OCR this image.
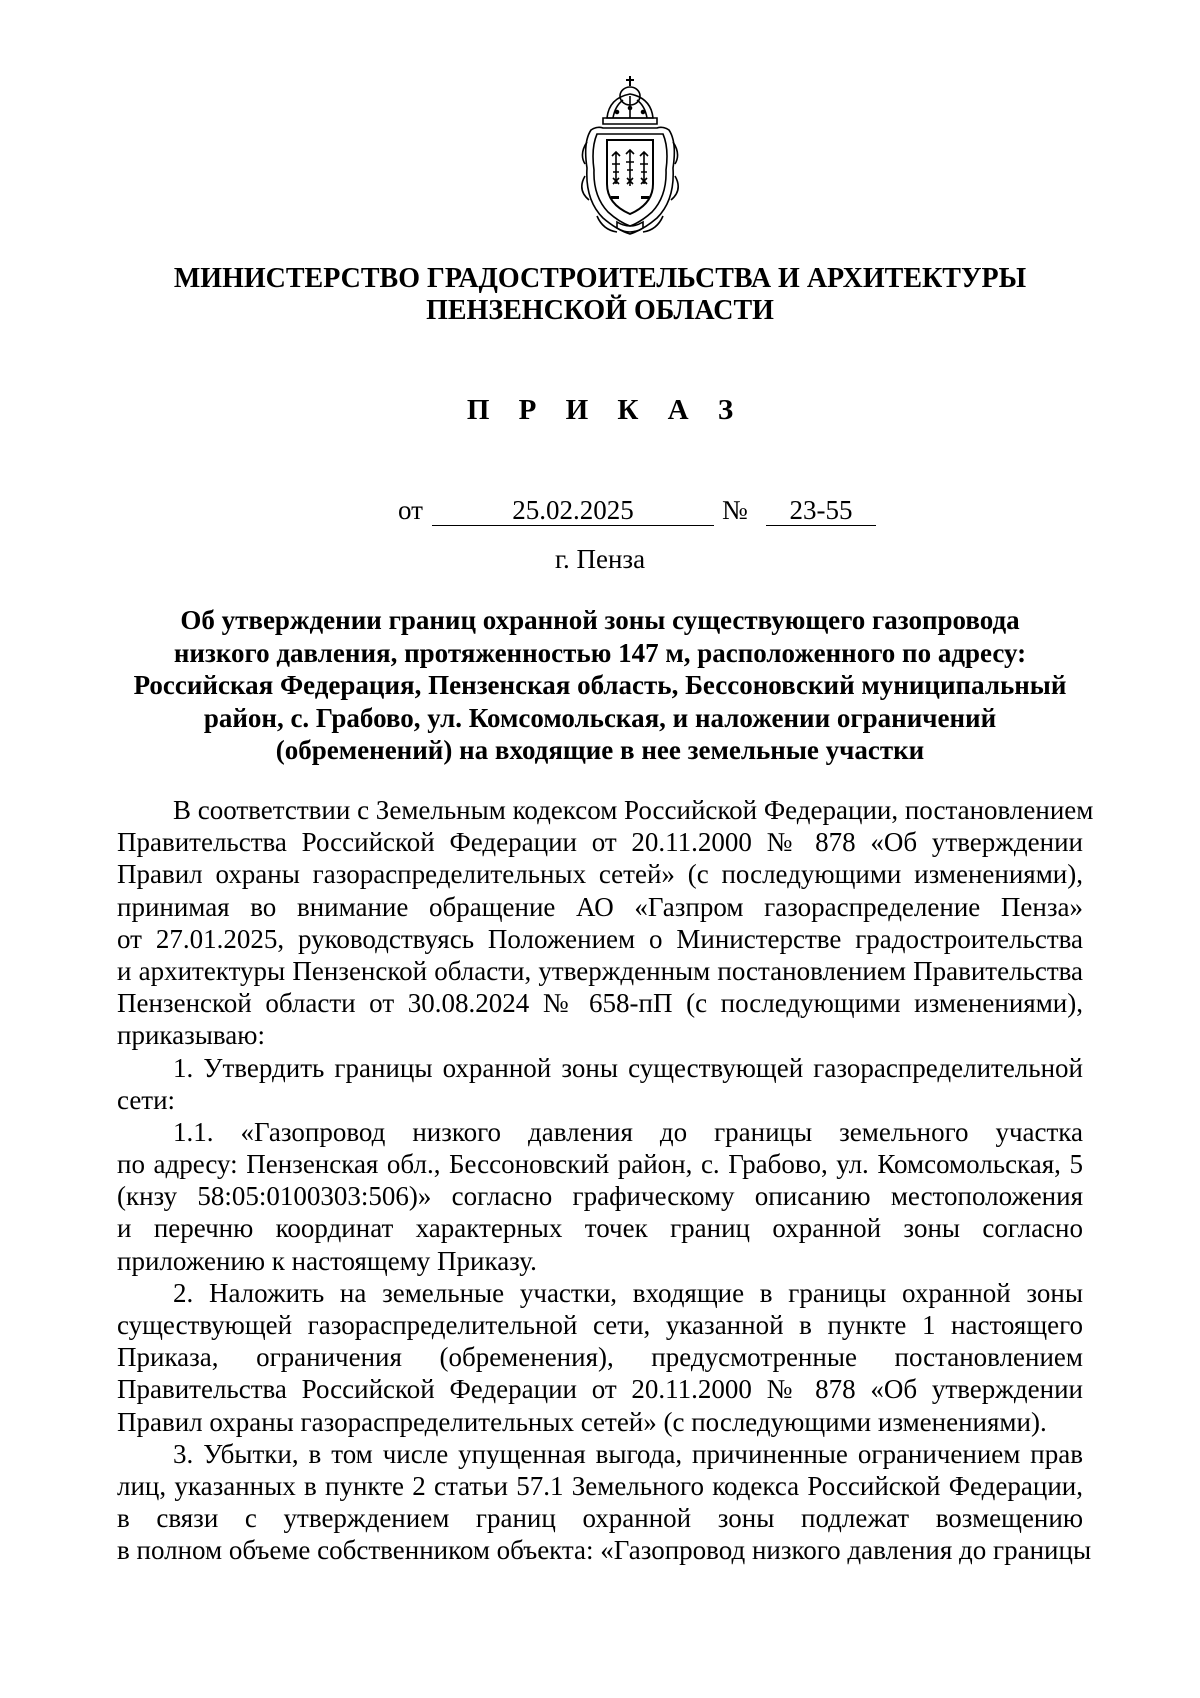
МИНИСТЕРСТВО ГРАДОСТРОИТЕЛЬСТВА И АРХИТЕКТУРЫ
ПЕНЗЕНСКОЙ ОБЛАСТИ
П Р И К А З
от	25.02.2025	№	23-55
г. Пенза
Об утверждении границ охранной зоны существующего газопровода
низкого давления, протяженностью 147 м, расположенного по адресу:
Российская Федерация, Пензенская область, Бессоновский муниципальный
район, с. Грабово, ул. Комсомольская, и наложении ограничений
(обременений) на входящие в нее земельные участки
В соответствии с Земельным кодексом Российской Федерации, постановлением
Правительства Российской Федерации от 20.11.2000 № 878 «Об утверждении
Правил охраны газораспределительных сетей» (с последующими изменениями),
принимая во внимание обращение АО «Газпром газораспределение Пенза»
от 27.01.2025, руководствуясь Положением о Министерстве градостроительства
и архитектуры Пензенской области, утвержденным постановлением Правительства
Пензенской области от 30.08.2024 № 658-пП (с последующими изменениями),
приказываю:
1. Утвердить границы охранной зоны существующей газораспределительной
сети:
1.1. «Газопровод низкого давления до границы земельного участка
по адресу: Пензенская обл., Бессоновский район, с. Грабово, ул. Комсомольская, 5
(кнзу 58:05:0100303:506)» согласно графическому описанию местоположения
и перечню координат характерных точек границ охранной зоны согласно
приложению к настоящему Приказу.
2. Наложить на земельные участки, входящие в границы охранной зоны
существующей газораспределительной сети, указанной в пункте 1 настоящего
Приказа, ограничения (обременения), предусмотренные постановлением
Правительства Российской Федерации от 20.11.2000 № 878 «Об утверждении
Правил охраны газораспределительных сетей» (с последующими изменениями).
3. Убытки, в том числе упущенная выгода, причиненные ограничением прав
лиц, указанных в пункте 2 статьи 57.1 Земельного кодекса Российской Федерации,
в связи с утверждением границ охранной зоны подлежат возмещению
в полном объеме собственником объекта: «Газопровод низкого давления до границы
